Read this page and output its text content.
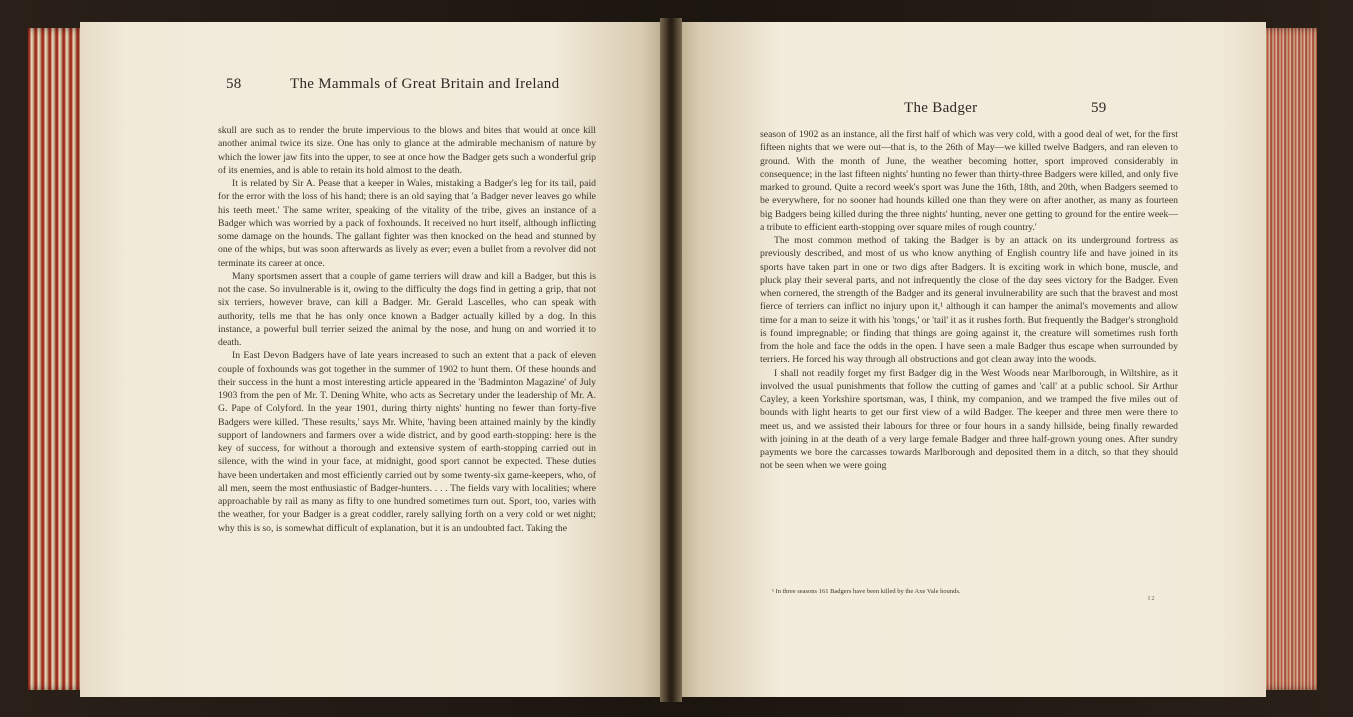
58	The Mammals of Great Britain and Ireland
The Badger	59

skull are such as to render the brute impervious to the blows and bites that would at once kill another animal twice its size. One has only to glance at the admirable mechanism of nature by which the lower jaw fits into the upper, to see at once how the Badger gets such a wonderful grip of its enemies, and is able to retain its hold almost to the death.

It is related by Sir A. Pease that a keeper in Wales, mistaking a Badger's leg for its tail, paid for the error with the loss of his hand; there is an old saying that 'a Badger never leaves go while his teeth meet.' The same writer, speaking of the vitality of the tribe, gives an instance of a Badger which was worried by a pack of foxhounds. It received no hurt itself, although inflicting some damage on the hounds. The gallant fighter was then knocked on the head and stunned by one of the whips, but was soon afterwards as lively as ever; even a bullet from a revolver did not terminate its career at once.

Many sportsmen assert that a couple of game terriers will draw and kill a Badger, but this is not the case. So invulnerable is it, owing to the difficulty the dogs find in getting a grip, that not six terriers, however brave, can kill a Badger. Mr. Gerald Lascelles, who can speak with authority, tells me that he has only once known a Badger actually killed by a dog. In this instance, a powerful bull terrier seized the animal by the nose, and hung on and worried it to death.

In East Devon Badgers have of late years increased to such an extent that a pack of eleven couple of foxhounds was got together in the summer of 1902 to hunt them. Of these hounds and their success in the hunt a most interesting article appeared in the 'Badminton Magazine' of July 1903 from the pen of Mr. T. Dening White, who acts as Secretary under the leadership of Mr. A. G. Pape of Colyford. In the year 1901, during thirty nights' hunting no fewer than forty-five Badgers were killed. 'These results,' says Mr. White, 'having been attained mainly by the kindly support of landowners and farmers over a wide district, and by good earth-stopping: here is the key of success, for without a thorough and extensive system of earth-stopping carried out in silence, with the wind in your face, at midnight, good sport cannot be expected. These duties have been undertaken and most efficiently carried out by some twenty-six game-keepers, who, of all men, seem the most enthusiastic of Badger-hunters. . . . The fields vary with localities; where approachable by rail as many as fifty to one hundred sometimes turn out. Sport, too, varies with the weather, for your Badger is a great coddler, rarely sallying forth on a very cold or wet night; why this is so, is somewhat difficult of explanation, but it is an undoubted fact. Taking the

season of 1902 as an instance, all the first half of which was very cold, with a good deal of wet, for the first fifteen nights that we were out—that is, to the 26th of May—we killed twelve Badgers, and ran eleven to ground. With the month of June, the weather becoming hotter, sport improved considerably in consequence; in the last fifteen nights' hunting no fewer than thirty-three Badgers were killed, and only five marked to ground. Quite a record week's sport was June the 16th, 18th, and 20th, when Badgers seemed to be everywhere, for no sooner had hounds killed one than they were on after another, as many as fourteen big Badgers being killed during the three nights' hunting, never one getting to ground for the entire week—a tribute to efficient earth-stopping over square miles of rough country.'

The most common method of taking the Badger is by an attack on its underground fortress as previously described, and most of us who know anything of English country life and have joined in its sports have taken part in one or two digs after Badgers. It is exciting work in which bone, muscle, and pluck play their several parts, and not infrequently the close of the day sees victory for the Badger. Even when cornered, the strength of the Badger and its general invulnerability are such that the bravest and most fierce of terriers can inflict no injury upon it,¹ although it can hamper the animal's movements and allow time for a man to seize it with his 'tongs,' or 'tail' it as it rushes forth. But frequently the Badger's stronghold is found impregnable; or finding that things are going against it, the creature will sometimes rush forth from the hole and face the odds in the open. I have seen a male Badger thus escape when surrounded by terriers. He forced his way through all obstructions and got clean away into the woods.

I shall not readily forget my first Badger dig in the West Woods near Marlborough, in Wiltshire, as it involved the usual punishments that follow the cutting of games and 'call' at a public school. Sir Arthur Cayley, a keen Yorkshire sportsman, was, I think, my companion, and we tramped the five miles out of bounds with light hearts to get our first view of a wild Badger. The keeper and three men were there to meet us, and we assisted their labours for three or four hours in a sandy hillside, being finally rewarded with joining in at the death of a very large female Badger and three half-grown young ones. After sundry payments we bore the carcasses towards Marlborough and deposited them in a ditch, so that they should not be seen when we were going

¹ In three seasons 161 Badgers have been killed by the Axe Vale hounds.
I 2
